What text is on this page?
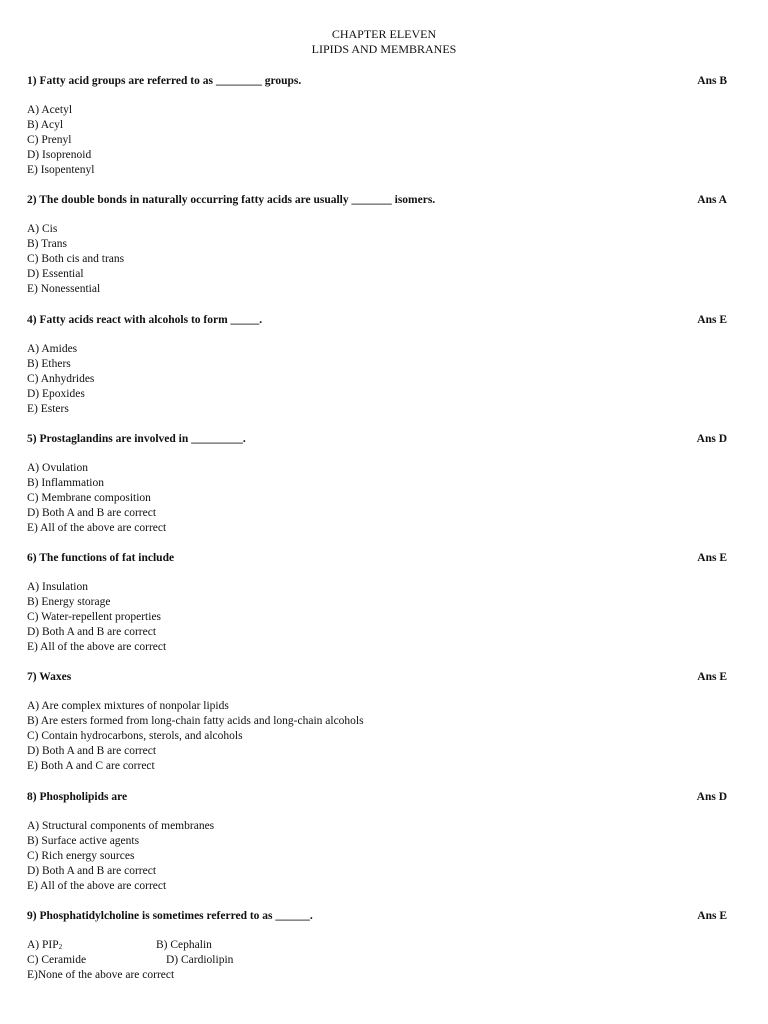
CHAPTER ELEVEN
LIPIDS AND MEMBRANES
1) Fatty acid groups are referred to as ________ groups.	Ans B
A) Acetyl
B) Acyl
C) Prenyl
D) Isoprenoid
E) Isopentenyl
2) The double bonds in naturally occurring fatty acids are usually _______ isomers.	Ans A
A) Cis
B) Trans
C) Both cis and trans
D) Essential
E) Nonessential
4) Fatty acids react with alcohols to form _____.	Ans E
A) Amides
B) Ethers
C) Anhydrides
D) Epoxides
E) Esters
5) Prostaglandins are involved in _________.	Ans D
A) Ovulation
B) Inflammation
C) Membrane composition
D) Both A and B are correct
E) All of the above are correct
6) The functions of fat include	Ans E
A) Insulation
B) Energy storage
C) Water-repellent properties
D) Both A and B are correct
E) All of the above are correct
7) Waxes	Ans E
A) Are complex mixtures of nonpolar lipids
B) Are esters formed from long-chain fatty acids and long-chain alcohols
C) Contain hydrocarbons, sterols, and alcohols
D) Both A and B are correct
E) Both A and C are correct
8) Phospholipids are	Ans D
A) Structural components of membranes
B) Surface active agents
C) Rich energy sources
D) Both A and B are correct
E) All of the above are correct
9) Phosphatidylcholine is sometimes referred to as ______.	Ans E
A) $PIP_2$	B) Cephalin
C) Ceramide	D) Cardiolipin
E)None of the above are correct
